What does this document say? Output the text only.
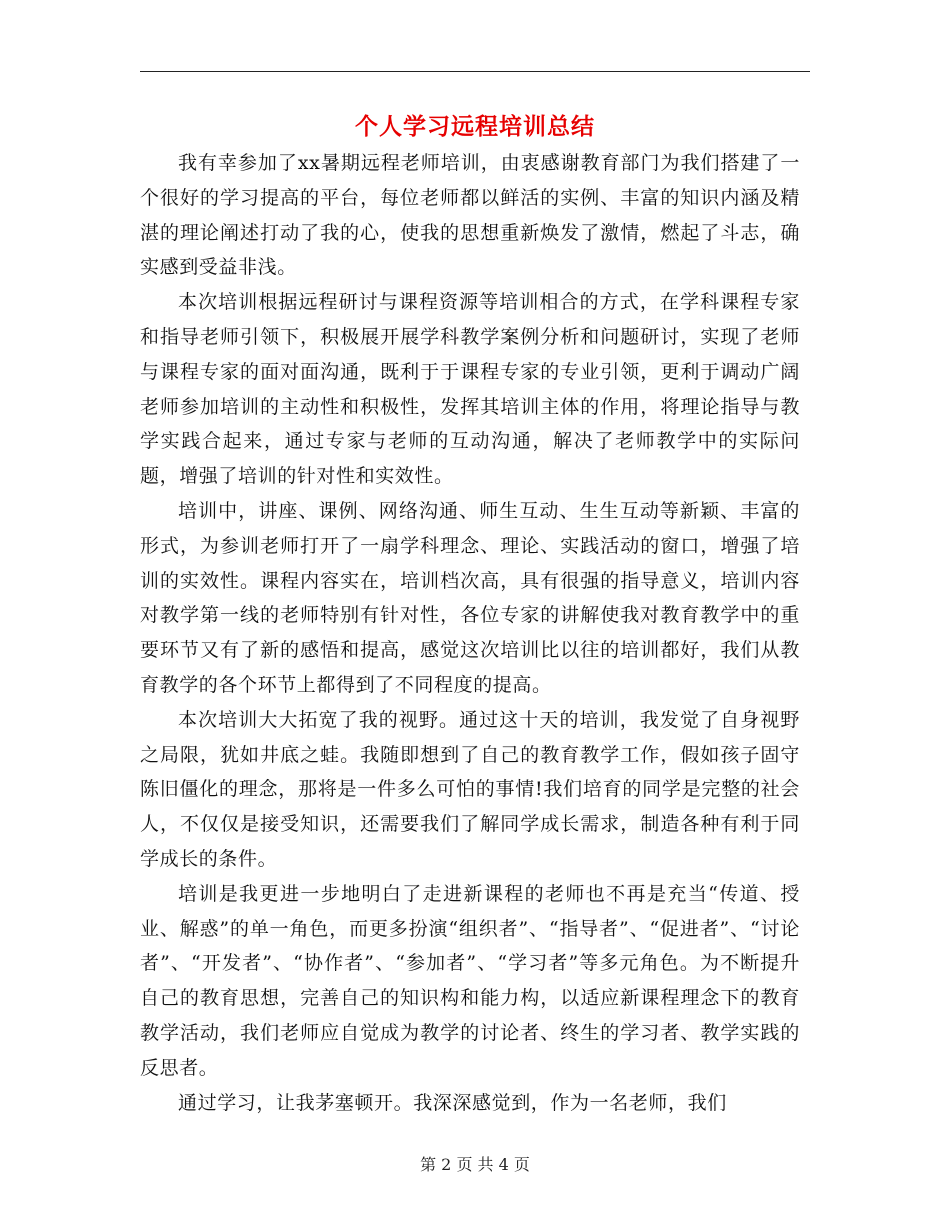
个人学习远程培训总结

我有幸参加了xx暑期远程老师培训，由衷感谢教育部门为我们搭建了一个很好的学习提高的平台，每位老师都以鲜活的实例、丰富的知识内涵及精湛的理论阐述打动了我的心，使我的思想重新焕发了激情，燃起了斗志，确实感到受益非浅。

本次培训根据远程研讨与课程资源等培训相合的方式，在学科课程专家和指导老师引领下，积极展开展学科教学案例分析和问题研讨，实现了老师与课程专家的面对面沟通，既利于于课程专家的专业引领，更利于调动广阔老师参加培训的主动性和积极性，发挥其培训主体的作用，将理论指导与教学实践合起来，通过专家与老师的互动沟通，解决了老师教学中的实际问题，增强了培训的针对性和实效性。

培训中，讲座、课例、网络沟通、师生互动、生生互动等新颖、丰富的形式，为参训老师打开了一扇学科理念、理论、实践活动的窗口，增强了培训的实效性。课程内容实在，培训档次高，具有很强的指导意义，培训内容对教学第一线的老师特别有针对性，各位专家的讲解使我对教育教学中的重要环节又有了新的感悟和提高，感觉这次培训比以往的培训都好，我们从教育教学的各个环节上都得到了不同程度的提高。

本次培训大大拓宽了我的视野。通过这十天的培训，我发觉了自身视野之局限，犹如井底之蛙。我随即想到了自己的教育教学工作，假如孩子固守陈旧僵化的理念，那将是一件多么可怕的事情!我们培育的同学是完整的社会人，不仅仅是接受知识，还需要我们了解同学成长需求，制造各种有利于同学成长的条件。

培训是我更进一步地明白了走进新课程的老师也不再是充当“传道、授业、解惑”的单一角色，而更多扮演“组织者”、“指导者”、“促进者”、“讨论者”、“开发者”、“协作者”、“参加者”、“学习者”等多元角色。为不断提升自己的教育思想，完善自己的知识构和能力构，以适应新课程理念下的教育教学活动，我们老师应自觉成为教学的讨论者、终生的学习者、教学实践的反思者。

通过学习，让我茅塞顿开。我深深感觉到，作为一名老师，我们

第 2 页 共 4 页
